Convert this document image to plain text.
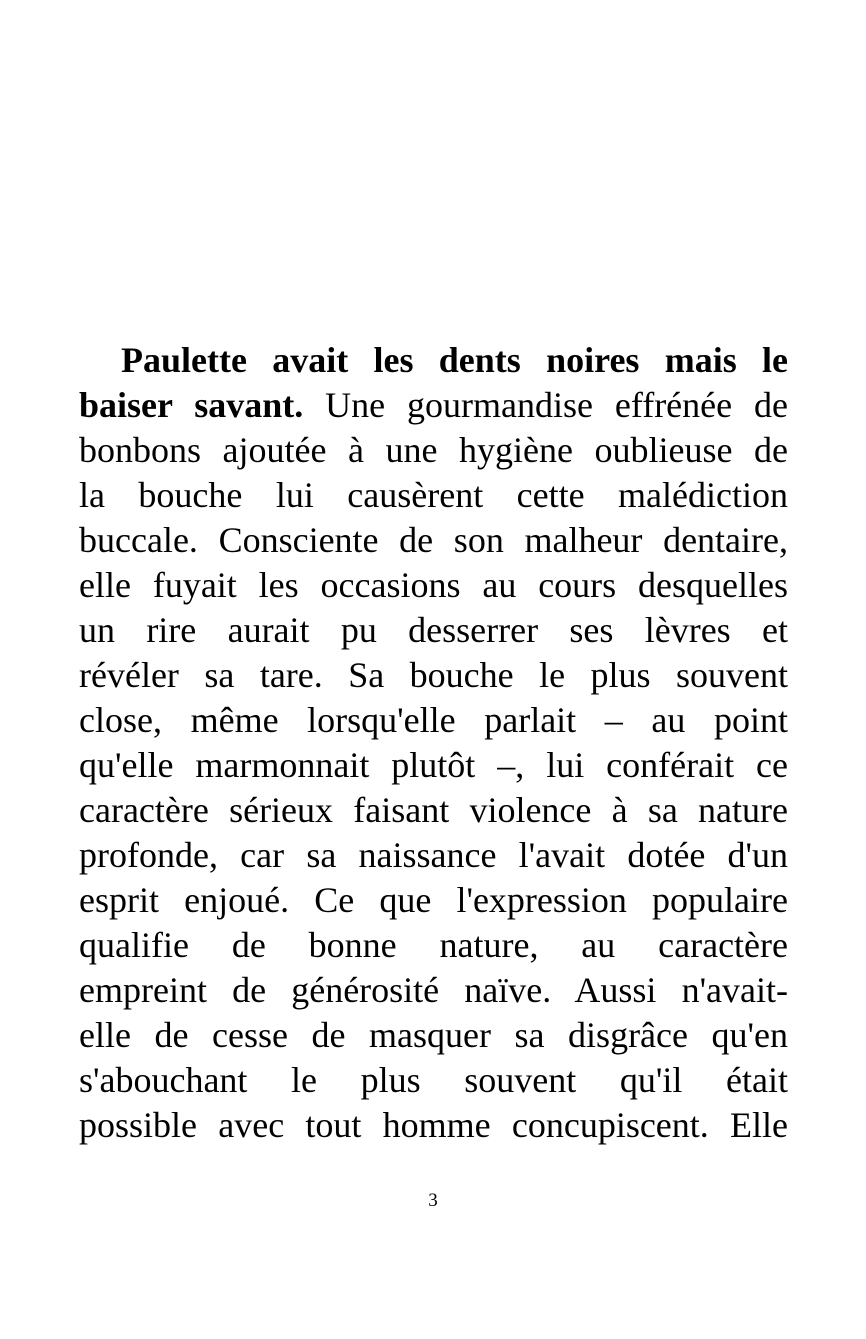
Paulette avait les dents noires mais le
baiser savant. Une gourmandise effrénée de
bonbons ajoutée à une hygiène oublieuse de
la bouche lui causèrent cette malédiction
buccale. Consciente de son malheur dentaire,
elle fuyait les occasions au cours desquelles
un rire aurait pu desserrer ses lèvres et
révéler sa tare. Sa bouche le plus souvent
close, même lorsqu'elle parlait – au point
qu'elle marmonnait plutôt –, lui conférait ce
caractère sérieux faisant violence à sa nature
profonde, car sa naissance l'avait dotée d'un
esprit enjoué. Ce que l'expression populaire
qualifie de bonne nature, au caractère
empreint de générosité naïve. Aussi n'avait-
elle de cesse de masquer sa disgrâce qu'en
s'abouchant le plus souvent qu'il était
possible avec tout homme concupiscent. Elle
3
